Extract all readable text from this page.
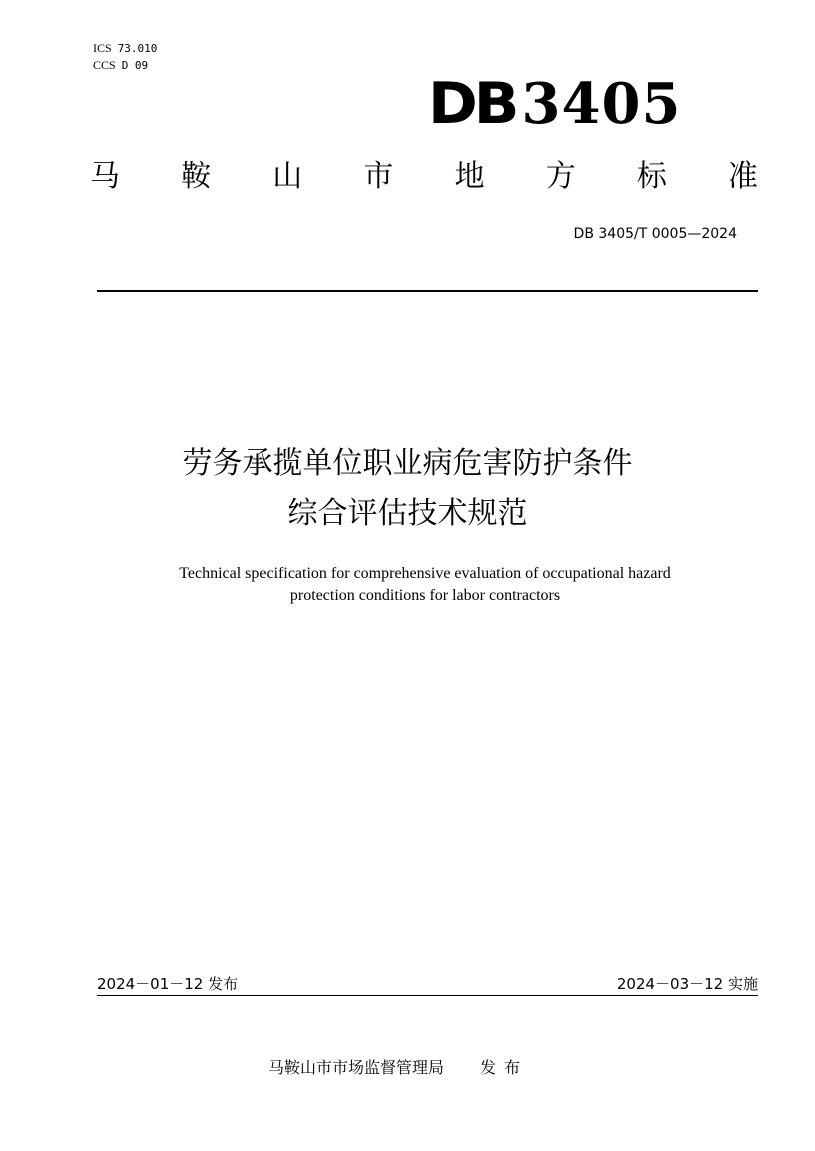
ICS 73.010
CCS D 09
DB 3405
马 鞍 山 市 地 方 标 准
DB 3405/T 0005—2024
劳务承揽单位职业病危害防护条件
综合评估技术规范
Technical specification for comprehensive evaluation of occupational hazard
protection conditions for labor contractors
2024－01－12 发布	2024－03－12 实施
马鞍山市市场监督管理局 发布
